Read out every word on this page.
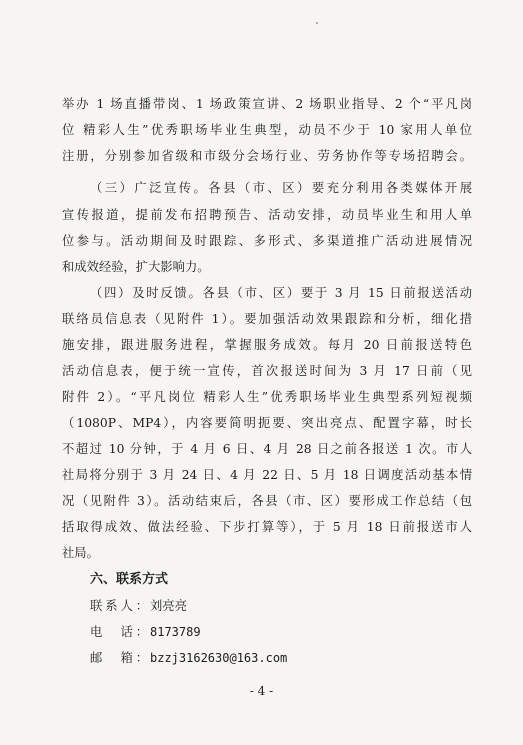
举办 1 场直播带岗、1 场政策宣讲、2 场职业指导、2 个“平凡岗
位 精彩人生”优秀职场毕业生典型，动员不少于 10 家用人单位
注册，分别参加省级和市级分会场行业、劳务协作等专场招聘会。
（三）广泛宣传。各县（市、区）要充分利用各类媒体开展
宣传报道，提前发布招聘预告、活动安排，动员毕业生和用人单
位参与。活动期间及时跟踪、多形式、多渠道推广活动进展情况
和成效经验，扩大影响力。
（四）及时反馈。各县（市、区）要于 3 月 15 日前报送活动
联络员信息表（见附件 1）。要加强活动效果跟踪和分析，细化措
施安排，跟进服务进程，掌握服务成效。每月 20 日前报送特色
活动信息表，便于统一宣传，首次报送时间为 3 月 17 日前（见
附件 2）。“平凡岗位 精彩人生”优秀职场毕业生典型系列短视频
（1080P、MP4），内容要简明扼要、突出亮点、配置字幕，时长
不超过 10 分钟，于 4 月 6 日、4 月 28 日之前各报送 1 次。市人
社局将分别于 3 月 24 日、4 月 22 日、5 月 18 日调度活动基本情
况（见附件 3）。活动结束后，各县（市、区）要形成工作总结（包
括取得成效、做法经验、下步打算等），于 5 月 18 日前报送市人
社局。
六、联系方式
联系人： 刘亮亮
电　话： 8173789
邮　箱： bzzj3162630@163.com
- 4 -
